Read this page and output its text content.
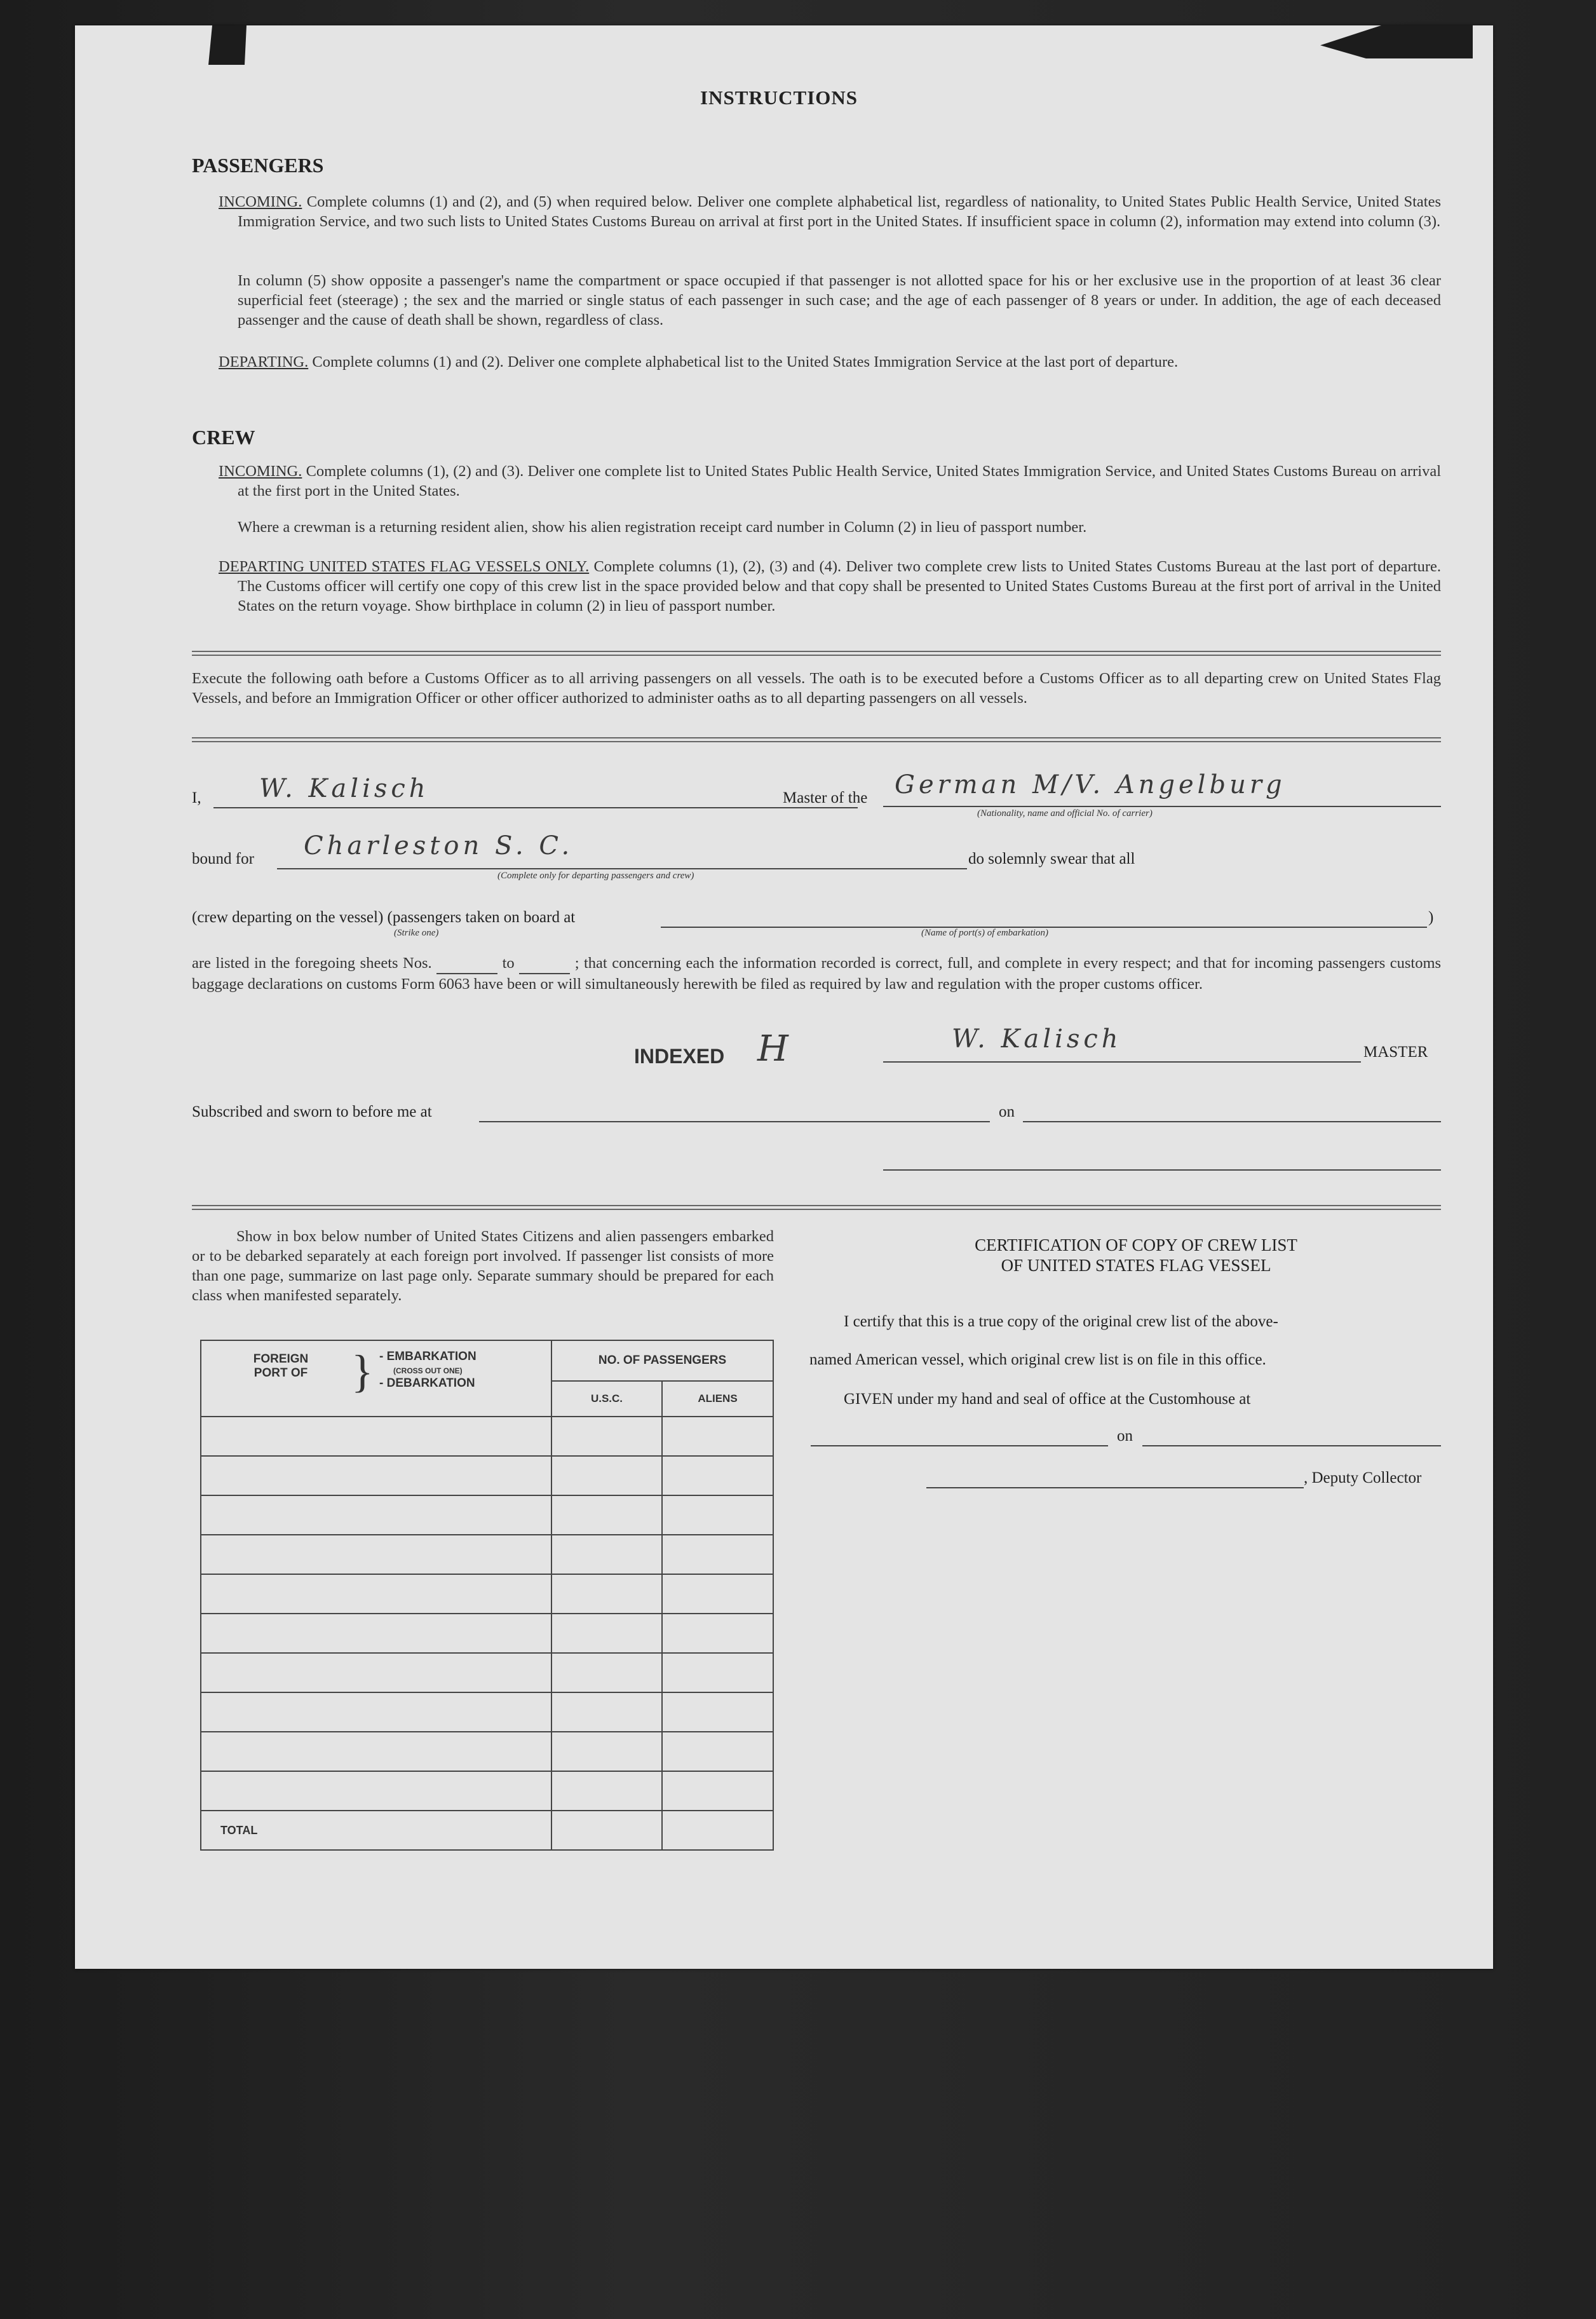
INSTRUCTIONS
PASSENGERS
INCOMING. Complete columns (1) and (2), and (5) when required below. Deliver one complete alphabetical list, regardless of nationality, to United States Public Health Service, United States Immigration Service, and two such lists to United States Customs Bureau on arrival at first port in the United States. If insufficient space in column (2), information may extend into column (3).
In column (5) show opposite a passenger's name the compartment or space occupied if that passenger is not allotted space for his or her exclusive use in the proportion of at least 36 clear superficial feet (steerage) ; the sex and the married or single status of each passenger in such case; and the age of each passenger of 8 years or under. In addition, the age of each deceased passenger and the cause of death shall be shown, regardless of class.
DEPARTING. Complete columns (1) and (2). Deliver one complete alphabetical list to the United States Immigration Service at the last port of departure.
CREW
INCOMING. Complete columns (1), (2) and (3). Deliver one complete list to United States Public Health Service, United States Immigration Service, and United States Customs Bureau on arrival at the first port in the United States.
Where a crewman is a returning resident alien, show his alien registration receipt card number in Column (2) in lieu of passport number.
DEPARTING UNITED STATES FLAG VESSELS ONLY. Complete columns (1), (2), (3) and (4). Deliver two complete crew lists to United States Customs Bureau at the last port of departure. The Customs officer will certify one copy of this crew list in the space provided below and that copy shall be presented to United States Customs Bureau at the first port of arrival in the United States on the return voyage. Show birthplace in column (2) in lieu of passport number.
Execute the following oath before a Customs Officer as to all arriving passengers on all vessels. The oath is to be executed before a Customs Officer as to all departing crew on United States Flag Vessels, and before an Immigration Officer or other officer authorized to administer oaths as to all departing passengers on all vessels.
I, W. Kalisch	Master of the German M/V. Angelburg
(Nationality, name and official No. of carrier)
bound for Charleston S. C.
(Complete only for departing passengers and crew)
do solemnly swear that all
(crew departing on the vessel) (passengers taken on board at	)
(Strike one)	(Name of port(s) of embarkation)
are listed in the foregoing sheets Nos.	to	; that concerning each the information recorded is correct, full, and complete in every respect; and that for incoming passengers customs baggage declarations on customs Form 6063 have been or will simultaneously herewith be filed as required by law and regulation with the proper customs officer.
INDEXED H	W. Kalisch	MASTER
Subscribed and sworn to before me at	on
Show in box below number of United States Citizens and alien passengers embarked or to be debarked separately at each foreign port involved. If passenger list consists of more than one page, summarize on last page only. Separate summary should be prepared for each class when manifested separately.
FOREIGN PORT OF } - EMBARKATION
(CROSS OUT ONE)
- DEBARKATION	NO. OF PASSENGERS	
	U.S.C.	ALIENS

TOTAL		
CERTIFICATION OF COPY OF CREW LIST
OF UNITED STATES FLAG VESSEL
I certify that this is a true copy of the original crew list of the above-
named American vessel, which original crew list is on file in this office.
GIVEN under my hand and seal of office at the Customhouse at
on
, Deputy Collector
